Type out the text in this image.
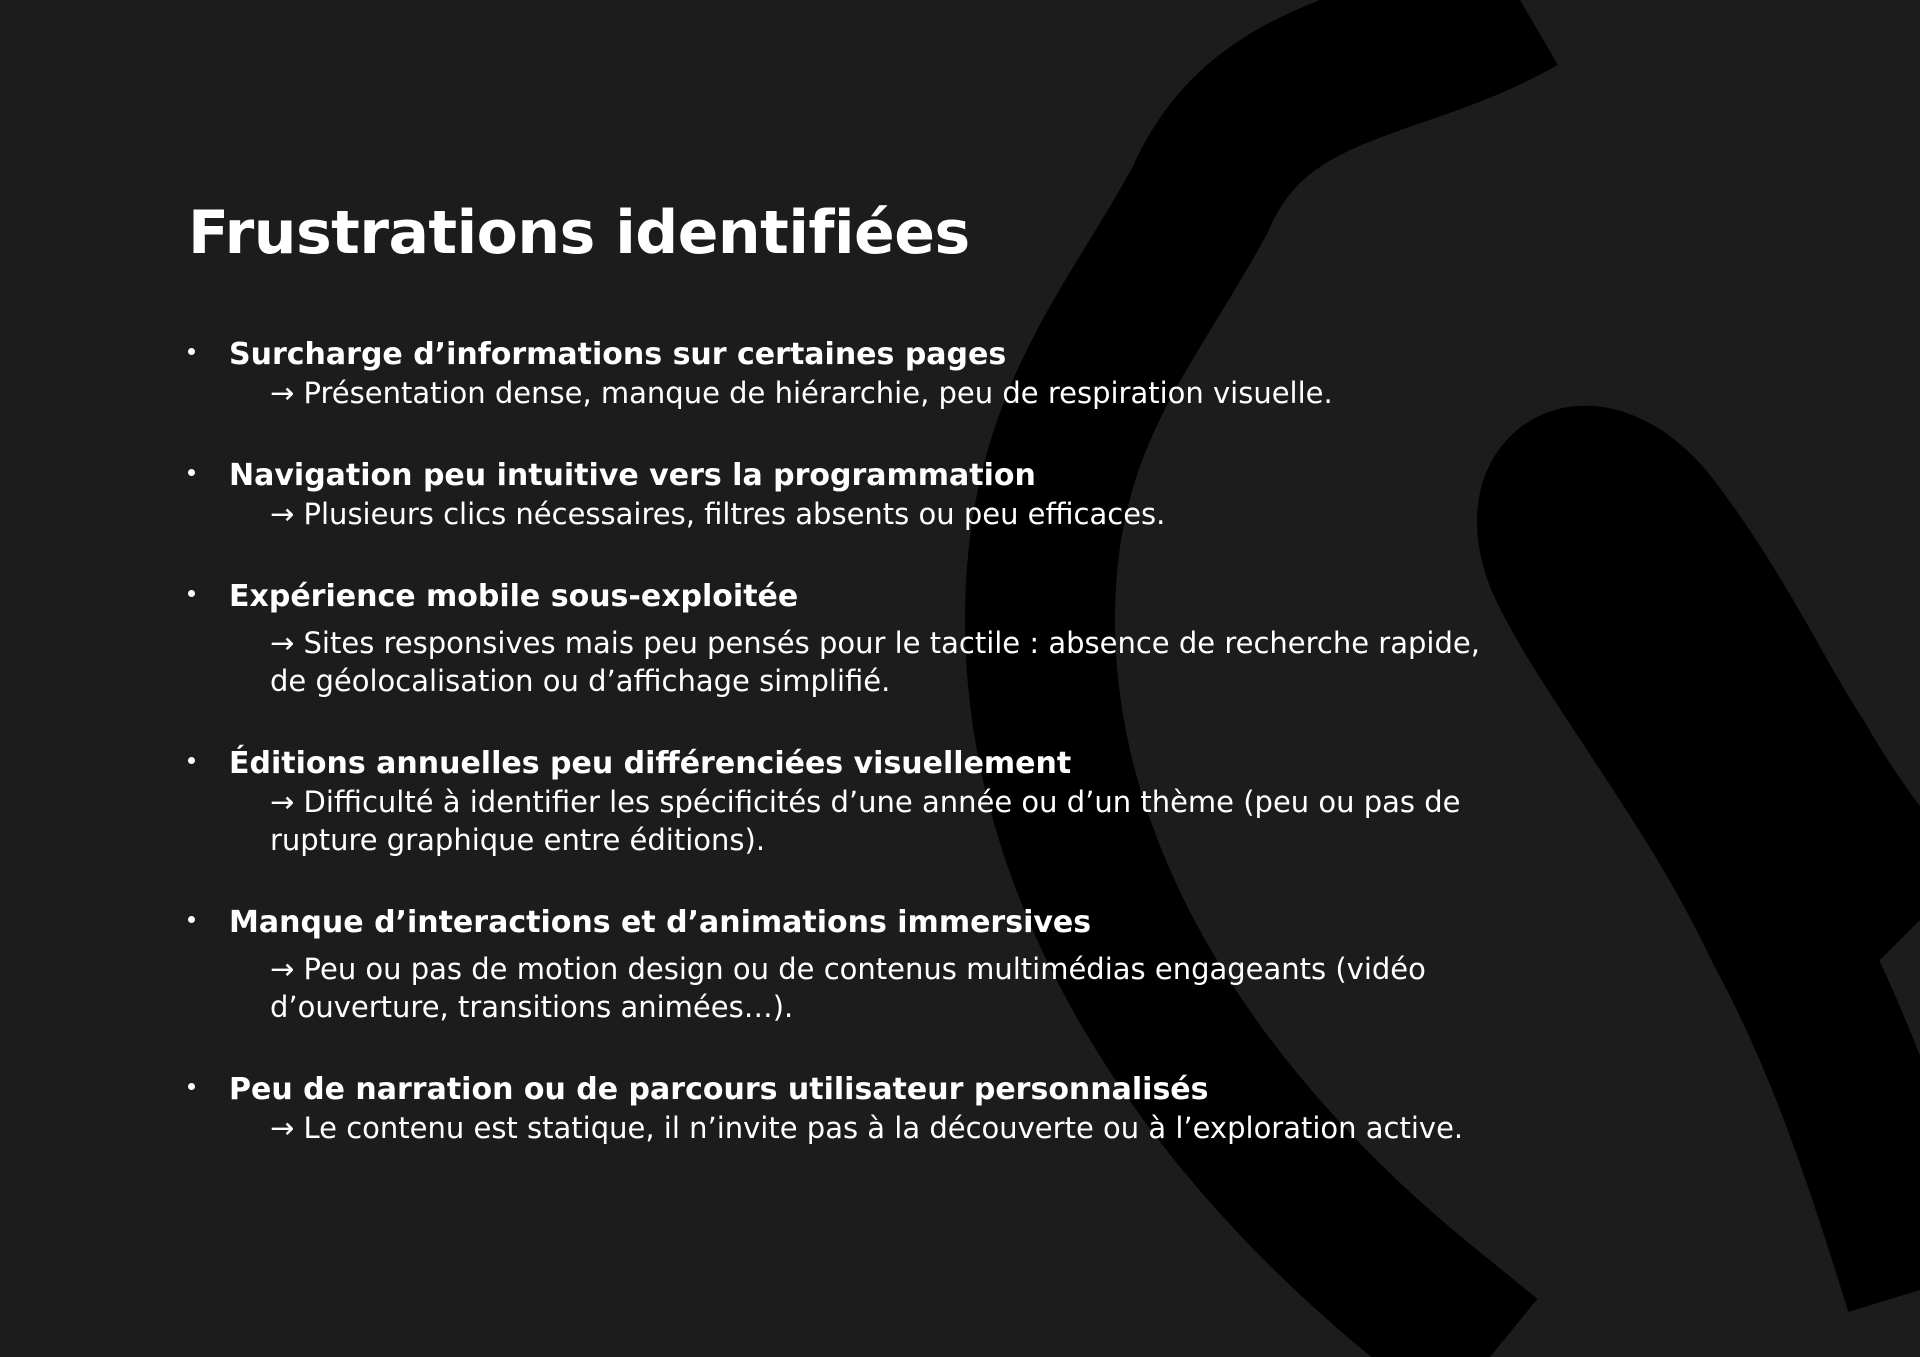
Frustrations identifiées
Surcharge d’informations sur certaines pages
→ Présentation dense, manque de hiérarchie, peu de respiration visuelle.
Navigation peu intuitive vers la programmation
→ Plusieurs clics nécessaires, filtres absents ou peu efficaces.
Expérience mobile sous-exploitée
→ Sites responsives mais peu pensés pour le tactile : absence de recherche rapide, de géolocalisation ou d’affichage simplifié.
Éditions annuelles peu différenciées visuellement
→ Difficulté à identifier les spécificités d’une année ou d’un thème (peu ou pas de rupture graphique entre éditions).
Manque d’interactions et d’animations immersives
→ Peu ou pas de motion design ou de contenus multimédias engageants (vidéo d’ouverture, transitions animées…).
Peu de narration ou de parcours utilisateur personnalisés
→ Le contenu est statique, il n’invite pas à la découverte ou à l’exploration active.
